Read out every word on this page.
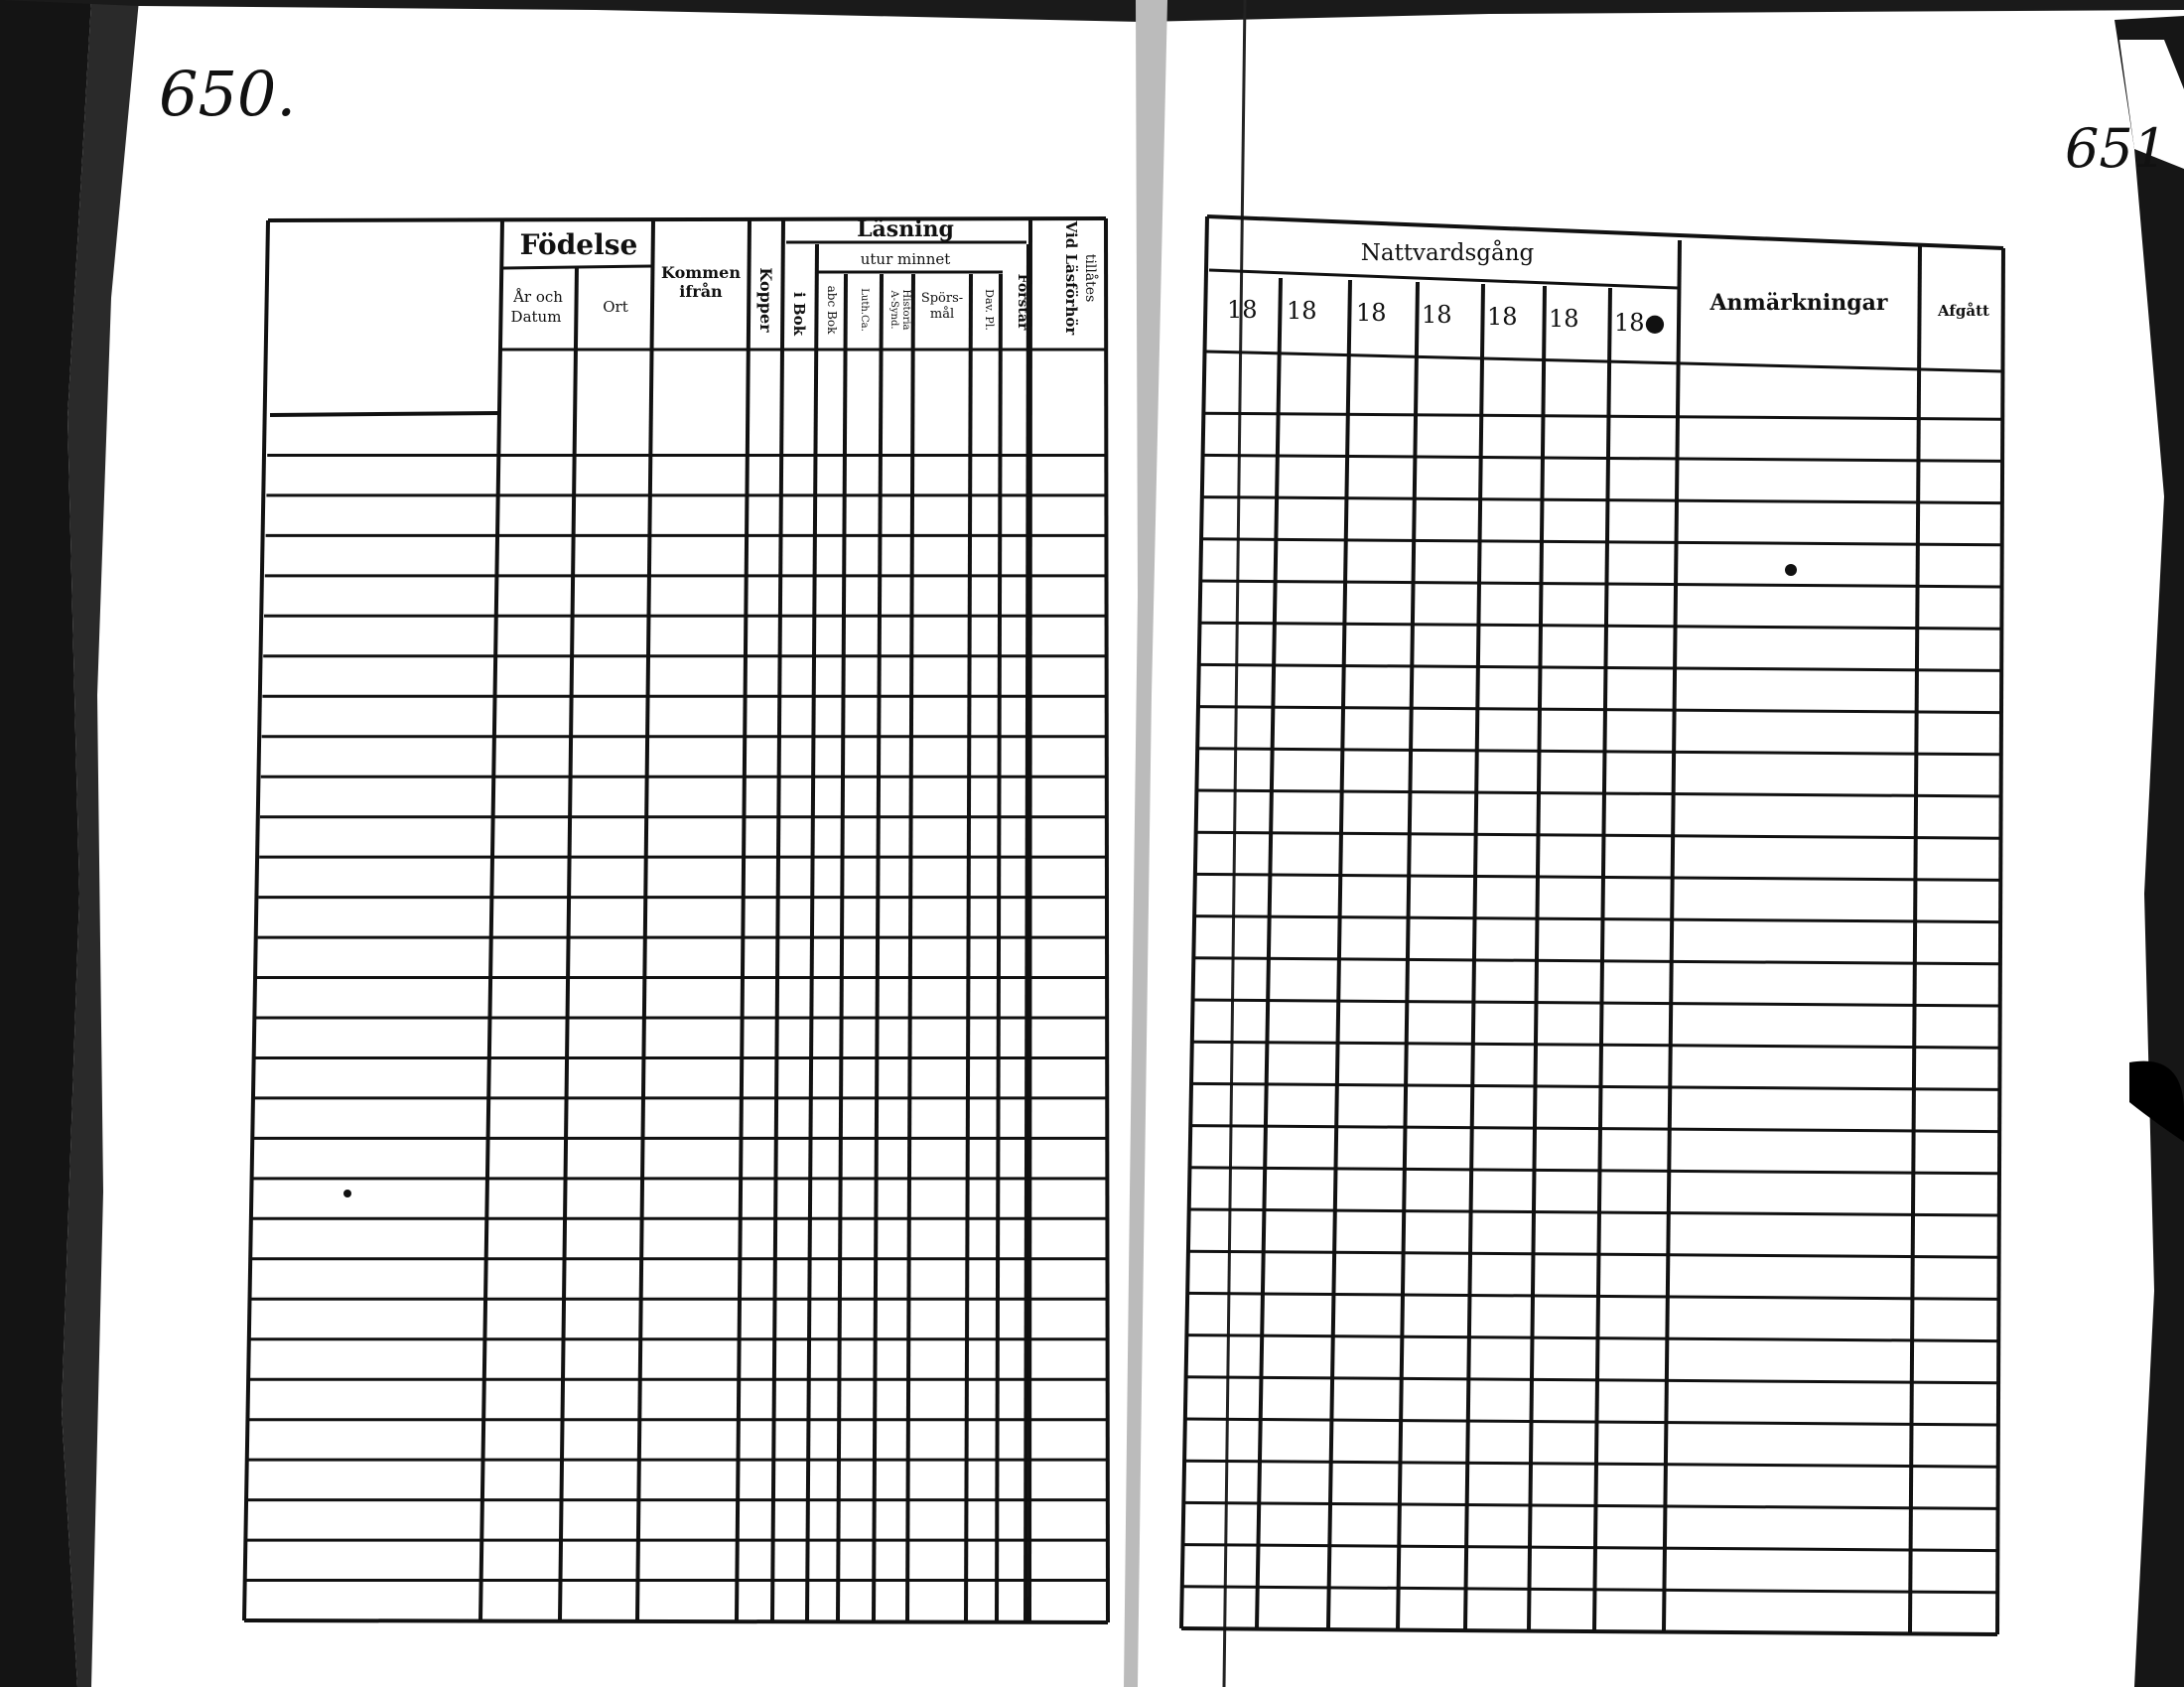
Födelse
År och
Datum
Ort
Kommen
ifrån Kopper
Läsning
utur minnet
i Bok abc Bok Luth.Ca. A-Synd. Historia Spörs-
mål	Dav. Pl. Förstår Vid Läsförhör tillåtes
Nattvardsgång
18 18 18 18 18 18 18●
Anmärkningar	Afgått
650.
651
